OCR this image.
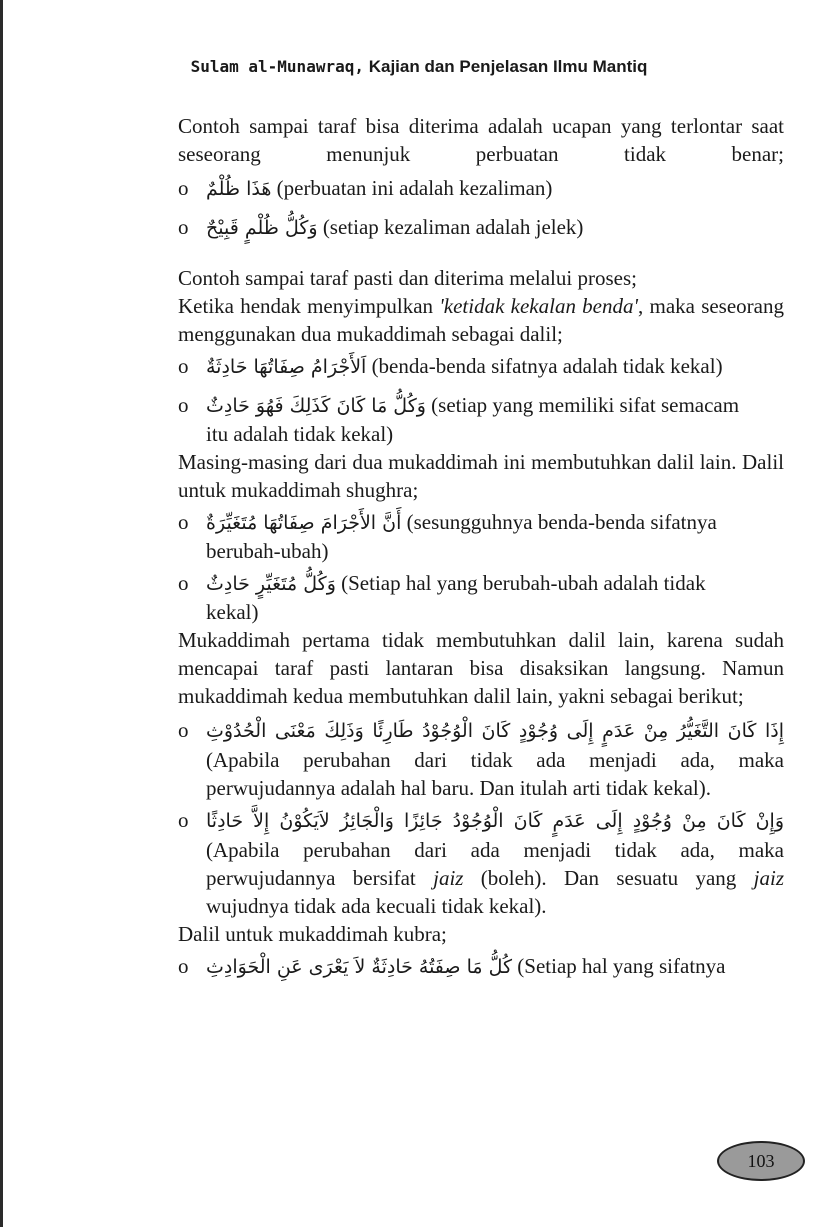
Sulam al-Munawraq, Kajian dan Penjelasan Ilmu Mantiq

Contoh sampai taraf bisa diterima adalah ucapan yang terlontar saat seseorang menunjuk perbuatan tidak benar;

o هَذَا ظُلْمٌ (perbuatan ini adalah kezaliman)
o وَكُلُّ ظُلْمٍ قَبِيْحٌ (setiap kezaliman adalah jelek)

Contoh sampai taraf pasti dan diterima melalui proses;

Ketika hendak menyimpulkan 'ketidak kekalan benda', maka seseorang menggunakan dua mukaddimah sebagai dalil;

o اَلأَجْرَامُ صِفَاتُهَا حَادِثَةٌ (benda-benda sifatnya adalah tidak kekal)
o وَكُلُّ مَا كَانَ كَذَلِكَ فَهُوَ حَادِثٌ (setiap yang memiliki sifat semacam
itu adalah tidak kekal)

Masing-masing dari dua mukaddimah ini membutuhkan dalil lain. Dalil untuk mukaddimah shughra;

o أَنَّ الأَجْرَامَ صِفَاتُهَا مُتَغَيِّرَةٌ (sesungguhnya benda-benda sifatnya
berubah-ubah)
o وَكُلُّ مُتَغَيِّرٍ حَادِثٌ (Setiap hal yang berubah-ubah adalah tidak
kekal)

Mukaddimah pertama tidak membutuhkan dalil lain, karena sudah mencapai taraf pasti lantaran bisa disaksikan langsung. Namun mukaddimah kedua membutuhkan dalil lain, yakni sebagai berikut;

o إِذَا كَانَ التَّغَيُّرُ مِنْ عَدَمٍ إِلَى وُجُوْدٍ كَانَ الْوُجُوْدُ طَارِئًا وَذَلِكَ مَعْنَى الْحُدُوْثِ
(Apabila perubahan dari tidak ada menjadi ada, maka perwujudannya adalah hal baru. Dan itulah arti tidak kekal).
o وَإِنْ كَانَ مِنْ وُجُوْدٍ إِلَى عَدَمٍ كَانَ الْوُجُوْدُ جَائِزًا وَالْجَائِزُ لاَيَكُوْنُ إِلاَّ حَادِثًا
(Apabila perubahan dari ada menjadi tidak ada, maka perwujudannya bersifat jaiz (boleh). Dan sesuatu yang jaiz wujudnya tidak ada kecuali tidak kekal).

Dalil untuk mukaddimah kubra;

o كُلُّ مَا صِفَتُهُ حَادِثَةٌ لاَ يَعْرَى عَنِ الْحَوَادِثِ (Setiap hal yang sifatnya
103
